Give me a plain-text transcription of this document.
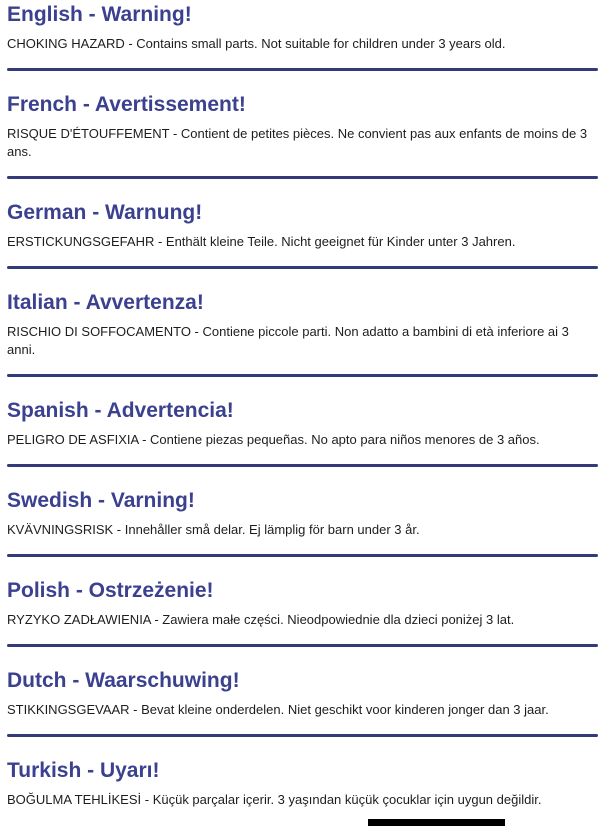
English - Warning!

CHOKING HAZARD - Contains small parts. Not suitable for children under 3 years old.

French - Avertissement!

RISQUE D'ÉTOUFFEMENT - Contient de petites pièces. Ne convient pas aux enfants de moins de 3 ans.

German - Warnung!

ERSTICKUNGSGEFAHR - Enthält kleine Teile. Nicht geeignet für Kinder unter 3 Jahren.

Italian - Avvertenza!

RISCHIO DI SOFFOCAMENTO - Contiene piccole parti. Non adatto a bambini di età inferiore ai 3 anni.

Spanish - Advertencia!

PELIGRO DE ASFIXIA - Contiene piezas pequeñas. No apto para niños menores de 3 años.

Swedish - Varning!

KVÄVNINGSRISK - Innehåller små delar. Ej lämplig för barn under 3 år.

Polish - Ostrzeżenie!

RYZYKO ZADŁAWIENIA - Zawiera małe części. Nieodpowiednie dla dzieci poniżej 3 lat.

Dutch - Waarschuwing!

STIKKINGSGEVAAR - Bevat kleine onderdelen. Niet geschikt voor kinderen jonger dan 3 jaar.

Turkish - Uyarı!

BOĞULMA TEHLİKESİ - Küçük parçalar içerir. 3 yaşından küçük çocuklar için uygun değildir.
